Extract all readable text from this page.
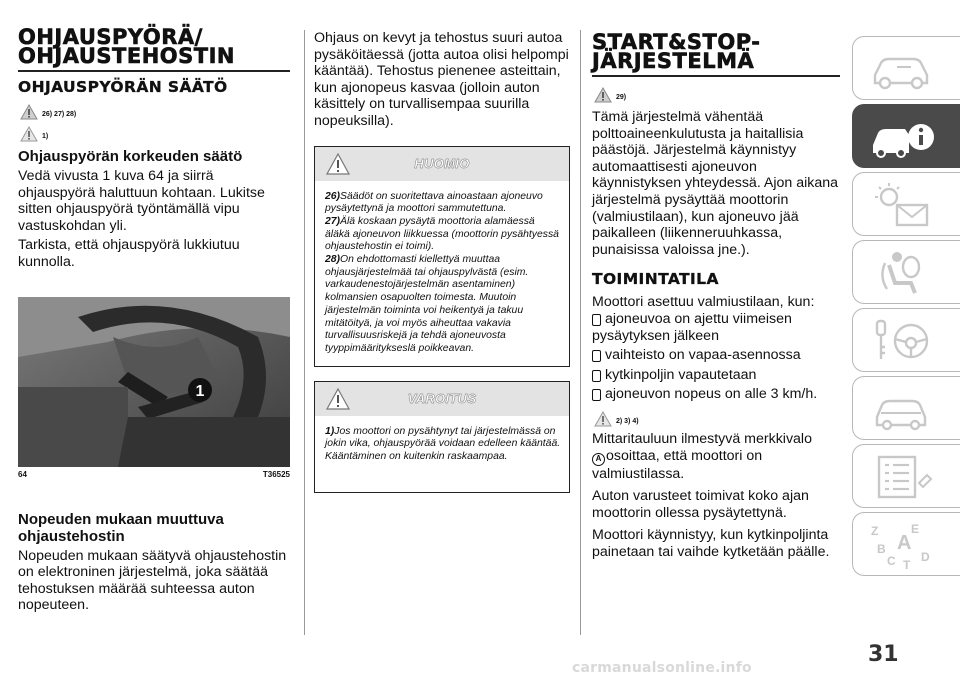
OHJAUSPYÖRÄ/
OHJAUSTEHOSTIN
OHJAUSPYÖRÄN SÄÄTÖ
26) 27) 28)
1)
Ohjauspyörän korkeuden säätö

Vedä vivusta 1 kuva 64 ja siirrä ohjauspyörä haluttuun kohtaan. Lukitse sitten ohjauspyörä työntämällä vipu vastuskohdan yli.

Tarkista, että ohjauspyörä lukkiutuu kunnolla.

1
64	T36525
Nopeuden mukaan muuttuva
ohjaustehostin

Nopeuden mukaan säätyvä ohjaustehostin on elektroninen järjestelmä, joka säätää tehostuksen määrää suhteessa auton nopeuteen.

Ohjaus on kevyt ja tehostus suuri autoa pysäköitäessä (jotta autoa olisi helpompi kääntää). Tehostus pienenee asteittain, kun ajonopeus kasvaa (jolloin auton käsittely on turvallisempaa suurilla nopeuksilla).

HUOMIO
26)Säädöt on suoritettava ainoastaan ajoneuvo pysäytettynä ja moottori sammutettuna.
27)Älä koskaan pysäytä moottoria alamäessä äläkä ajoneuvon liikkuessa (moottorin pysähtyessä ohjaustehostin ei toimi).
28)On ehdottomasti kiellettyä muuttaa ohjausjärjestelmää tai ohjauspylvästä (esim. varkaudenestojärjestelmän asentaminen) kolmansien osapuolten toimesta. Muutoin järjestelmän toiminta voi heikentyä ja takuu mitätöityä, ja voi myös aiheuttaa vakavia turvallisuusriskejä ja tehdä ajoneuvosta tyyppimääritykseslä poikkeavan.
VAROITUS
1)Jos moottori on pysähtynyt tai järjestelmässä on jokin vika, ohjauspyörää voidaan edelleen kääntää. Kääntäminen on kuitenkin raskaampaa.
START&STOP-
JÄRJESTELMÄ
29)

Tämä järjestelmä vähentää polttoaineenkulutusta ja haitallisia päästöjä. Järjestelmä käynnistyy automaattisesti ajoneuvon käynnistyksen yhteydessä. Ajon aikana järjestelmä pysäyttää moottorin (valmiustilaan), kun ajoneuvo jää paikalleen (liikenneruuhkassa, punaisissa valoissa jne.).

TOIMINTATILA

Moottori asettuu valmiustilaan, kun:

ajoneuvoa on ajettu viimeisen
pysäytyksen jälkeen
vaihteisto on vapaa-asennossa
kytkinpoljin vapautetaan
ajoneuvon nopeus on alle 3 km/h.
2) 3) 4)

Mittaritauluun ilmestyvä merkkivalo
A osoittaa, että moottori on valmiustilassa.

Auton varusteet toimivat koko ajan moottorin ollessa pysäytettynä.

Moottori käynnistyy, kun kytkinpoljinta painetaan tai vaihde kytketään päälle.

Z	E
B A
C D
T
31
carmanualsonline.info
